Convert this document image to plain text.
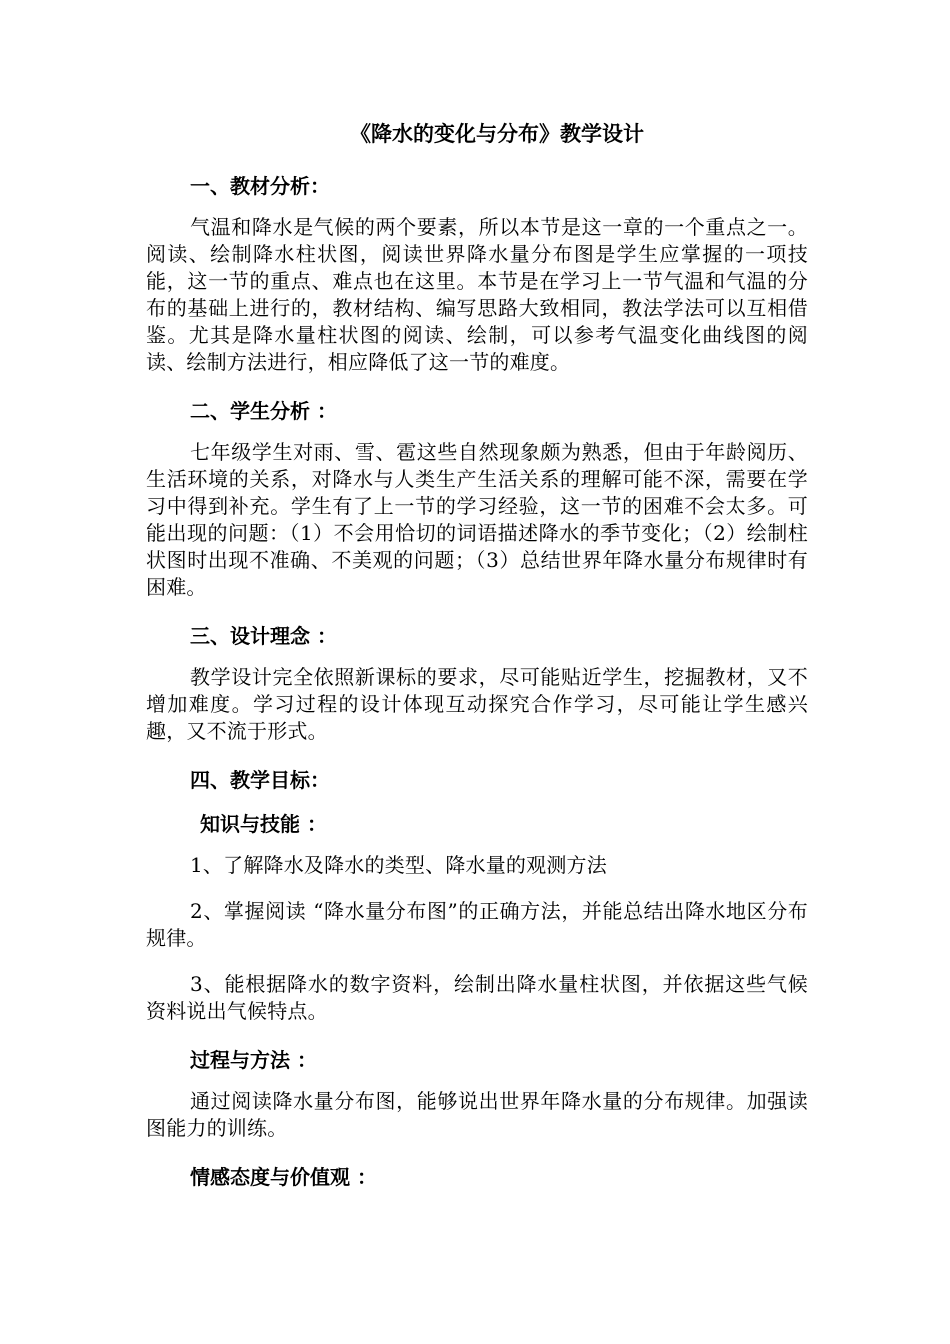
《降水的变化与分布》教学设计
一、教材分析：

气温和降水是气候的两个要素，所以本节是这一章的一个重点之一。阅读、绘制降水柱状图，阅读世界降水量分布图是学生应掌握的一项技能，这一节的重点、难点也在这里。本节是在学习上一节气温和气温的分布的基础上进行的，教材结构、编写思路大致相同，教法学法可以互相借鉴。尤其是降水量柱状图的阅读、绘制，可以参考气温变化曲线图的阅读、绘制方法进行，相应降低了这一节的难度。

二、学生分析 ：

七年级学生对雨、雪、雹这些自然现象颇为熟悉，但由于年龄阅历、生活环境的关系，对降水与人类生产生活关系的理解可能不深，需要在学习中得到补充。学生有了上一节的学习经验，这一节的困难不会太多。可能出现的问题：（1）不会用恰切的词语描述降水的季节变化；（2）绘制柱状图时出现不准确、不美观的问题；（3）总结世界年降水量分布规律时有困难。

三、设计理念 ：

教学设计完全依照新课标的要求，尽可能贴近学生，挖掘教材，又不增加难度。学习过程的设计体现互动探究合作学习，尽可能让学生感兴趣，又不流于形式。

四、教学目标：
知识与技能 ：

1、了解降水及降水的类型、降水量的观测方法

2、掌握阅读 “降水量分布图”的正确方法，并能总结出降水地区分布规律。

3、能根据降水的数字资料，绘制出降水量柱状图，并依据这些气候资料说出气候特点。

过程与方法 ：

通过阅读降水量分布图，能够说出世界年降水量的分布规律。加强读图能力的训练。

情感态度与价值观 ：
